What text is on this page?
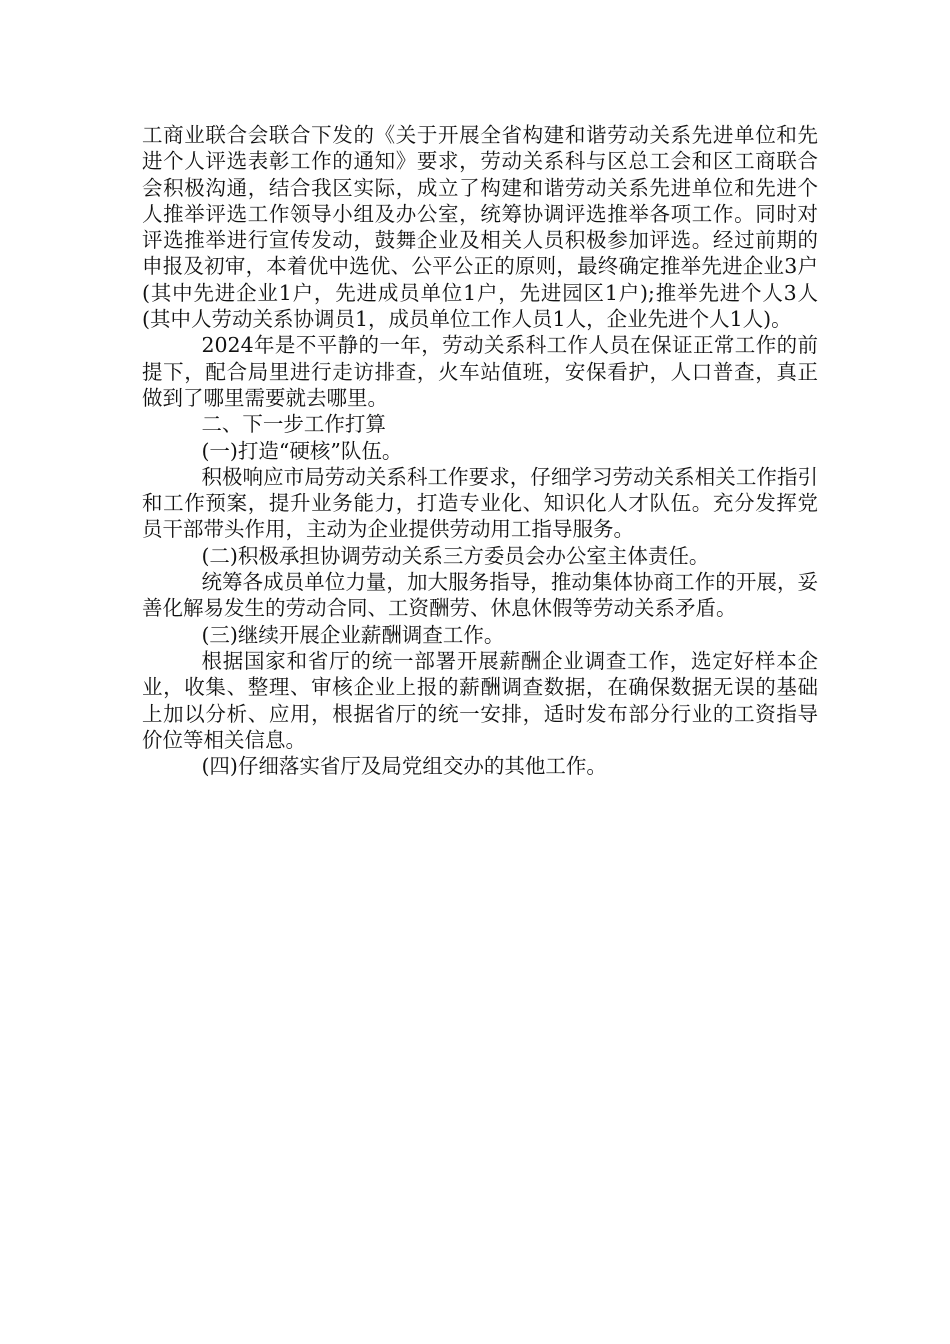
工商业联合会联合下发的《关于开展全省构建和谐劳动关系先进单位和先进个人评选表彰工作的通知》要求，劳动关系科与区总工会和区工商联合会积极沟通，结合我区实际，成立了构建和谐劳动关系先进单位和先进个人推举评选工作领导小组及办公室，统筹协调评选推举各项工作。同时对评选推举进行宣传发动，鼓舞企业及相关人员积极参加评选。经过前期的申报及初审，本着优中选优、公平公正的原则，最终确定推举先进企业3户(其中先进企业1户，先进成员单位1户，先进园区1户);推举先进个人3人(其中人劳动关系协调员1，成员单位工作人员1人，企业先进个人1人)。

2024年是不平静的一年，劳动关系科工作人员在保证正常工作的前提下，配合局里进行走访排查，火车站值班，安保看护，人口普查，真正做到了哪里需要就去哪里。

二、下一步工作打算

(一)打造“硬核”队伍。

积极响应市局劳动关系科工作要求，仔细学习劳动关系相关工作指引和工作预案，提升业务能力，打造专业化、知识化人才队伍。充分发挥党员干部带头作用，主动为企业提供劳动用工指导服务。

(二)积极承担协调劳动关系三方委员会办公室主体责任。

统筹各成员单位力量，加大服务指导，推动集体协商工作的开展，妥善化解易发生的劳动合同、工资酬劳、休息休假等劳动关系矛盾。

(三)继续开展企业薪酬调查工作。

根据国家和省厅的统一部署开展薪酬企业调查工作，选定好样本企业，收集、整理、审核企业上报的薪酬调查数据，在确保数据无误的基础上加以分析、应用，根据省厅的统一安排，适时发布部分行业的工资指导价位等相关信息。

(四)仔细落实省厅及局党组交办的其他工作。
